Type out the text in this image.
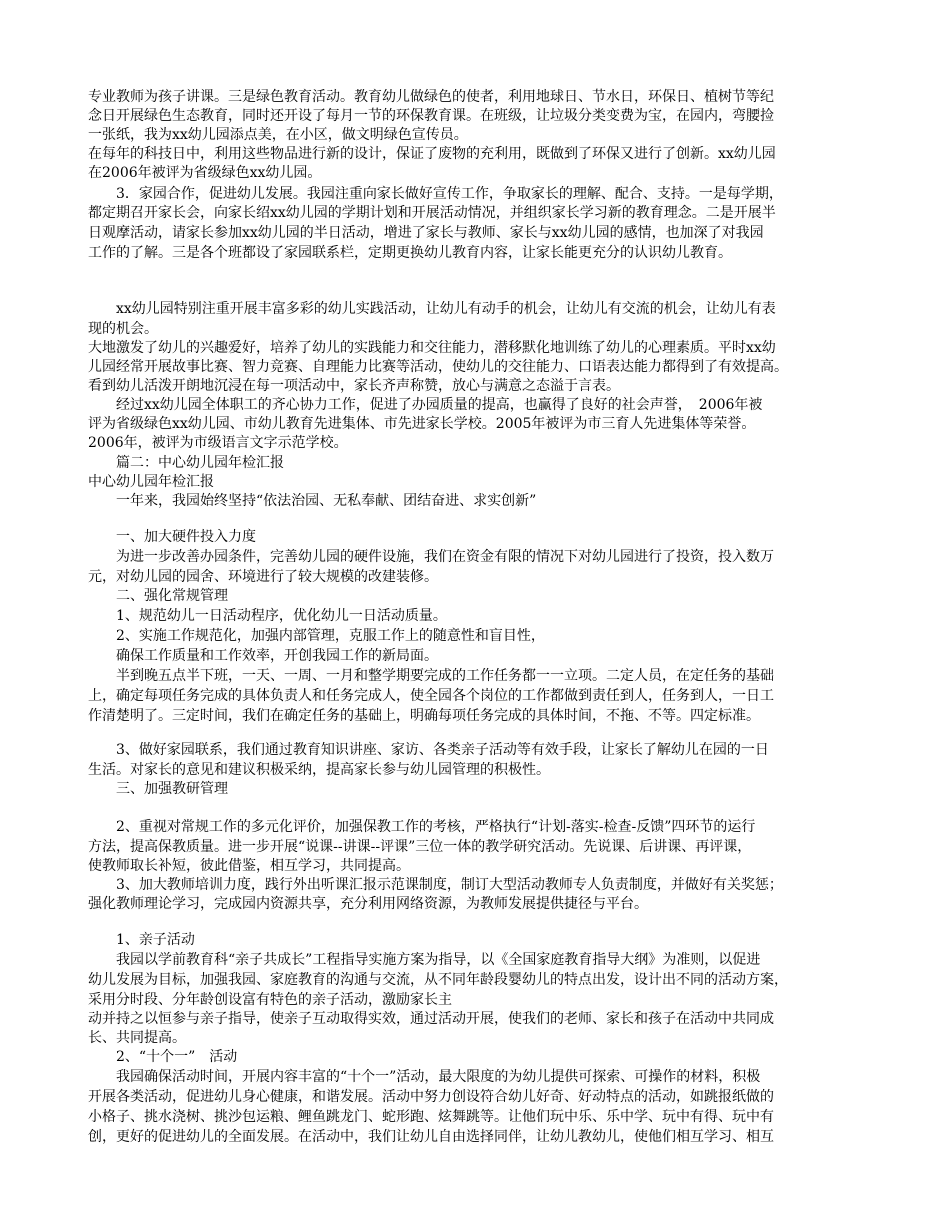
专业教师为孩子讲课。三是绿色教育活动。教育幼儿做绿色的使者，利用地球日、节水日，环保日、植树节等纪
念日开展绿色生态教育，同时还开设了每月一节的环保教育课。在班级，让垃圾分类变费为宝，在园内，弯腰捡
一张纸，我为xx幼儿园添点美，在小区，做文明绿色宣传员。
在每年的科技日中，利用这些物品进行新的设计，保证了废物的充利用，既做到了环保又进行了创新。xx幼儿园
在2006年被评为省级绿色xx幼儿园。
　　3．家园合作，促进幼儿发展。我园注重向家长做好宣传工作，争取家长的理解、配合、支持。一是每学期，
都定期召开家长会，向家长绍xx幼儿园的学期计划和开展活动情况，并组织家长学习新的教育理念。二是开展半
日观摩活动，请家长参加xx幼儿园的半日活动，增进了家长与教师、家长与xx幼儿园的感情，也加深了对我园
工作的了解。三是各个班都设了家园联系栏，定期更换幼儿教育内容，让家长能更充分的认识幼儿教育。
　　xx幼儿园特别注重开展丰富多彩的幼儿实践活动，让幼儿有动手的机会，让幼儿有交流的机会，让幼儿有表
现的机会。
大地激发了幼儿的兴趣爱好，培养了幼儿的实践能力和交往能力，潜移默化地训练了幼儿的心理素质。平时xx幼
儿园经常开展故事比赛、智力竞赛、自理能力比赛等活动，使幼儿的交往能力、口语表达能力都得到了有效提高。
看到幼儿活泼开朗地沉浸在每一项活动中，家长齐声称赞，放心与满意之态溢于言表。
　　经过xx幼儿园全体职工的齐心协力工作，促进了办园质量的提高，也赢得了良好的社会声誉，　2006年被
评为省级绿色xx幼儿园、市幼儿教育先进集体、市先进家长学校。2005年被评为市三育人先进集体等荣誉。
2006年，被评为市级语言文字示范学校。
　　篇二：中心幼儿园年检汇报
中心幼儿园年检汇报
　　一年来，我园始终坚持“依法治园、无私奉献、团结奋进、求实创新”
　　一、加大硬件投入力度
　　为进一步改善办园条件，完善幼儿园的硬件设施，我们在资金有限的情况下对幼儿园进行了投资，投入数万
元，对幼儿园的园舍、环境进行了较大规模的改建装修。
　　二、强化常规管理
　　1、规范幼儿一日活动程序，优化幼儿一日活动质量。
　　2、实施工作规范化，加强内部管理，克服工作上的随意性和盲目性，
　　确保工作质量和工作效率，开创我园工作的新局面。
　　半到晚五点半下班，一天、一周、一月和整学期要完成的工作任务都一一立项。二定人员，在定任务的基础
上，确定每项任务完成的具体负责人和任务完成人，使全园各个岗位的工作都做到责任到人，任务到人，一日工
作清楚明了。三定时间，我们在确定任务的基础上，明确每项任务完成的具体时间，不拖、不等。四定标准。
　　3、做好家园联系，我们通过教育知识讲座、家访、各类亲子活动等有效手段，让家长了解幼儿在园的一日
生活。对家长的意见和建议积极采纳，提高家长参与幼儿园管理的积极性。
　　三、加强教研管理
　　2、重视对常规工作的多元化评价，加强保教工作的考核，严格执行“计划-落实-检查-反馈”四环节的运行
方法，提高保教质量。进一步开展“说课--讲课--评课”三位一体的教学研究活动。先说课、后讲课、再评课，
使教师取长补短，彼此借鉴，相互学习，共同提高。
　　3、加大教师培训力度，践行外出听课汇报示范课制度，制订大型活动教师专人负责制度，并做好有关奖惩；
强化教师理论学习，完成园内资源共享，充分利用网络资源，为教师发展提供捷径与平台。
　　1、亲子活动
　　我园以学前教育科“亲子共成长”工程指导实施方案为指导，以《全国家庭教育指导大纲》为准则，以促进
幼儿发展为目标，加强我园、家庭教育的沟通与交流，从不同年龄段婴幼儿的特点出发，设计出不同的活动方案，
采用分时段、分年龄创设富有特色的亲子活动，激励家长主
动并持之以恒参与亲子指导，使亲子互动取得实效，通过活动开展，使我们的老师、家长和孩子在活动中共同成
长、共同提高。
　　2、“十个一”　活动
　　我园确保活动时间，开展内容丰富的“十个一”活动，最大限度的为幼儿提供可探索、可操作的材料，积极
开展各类活动，促进幼儿身心健康，和谐发展。活动中努力创设符合幼儿好奇、好动特点的活动，如跳报纸做的
小格子、挑水浇树、挑沙包运粮、鲤鱼跳龙门、蛇形跑、炫舞跳等。让他们玩中乐、乐中学、玩中有得、玩中有
创，更好的促进幼儿的全面发展。在活动中，我们让幼儿自由选择同伴，让幼儿教幼儿，使他们相互学习、相互
